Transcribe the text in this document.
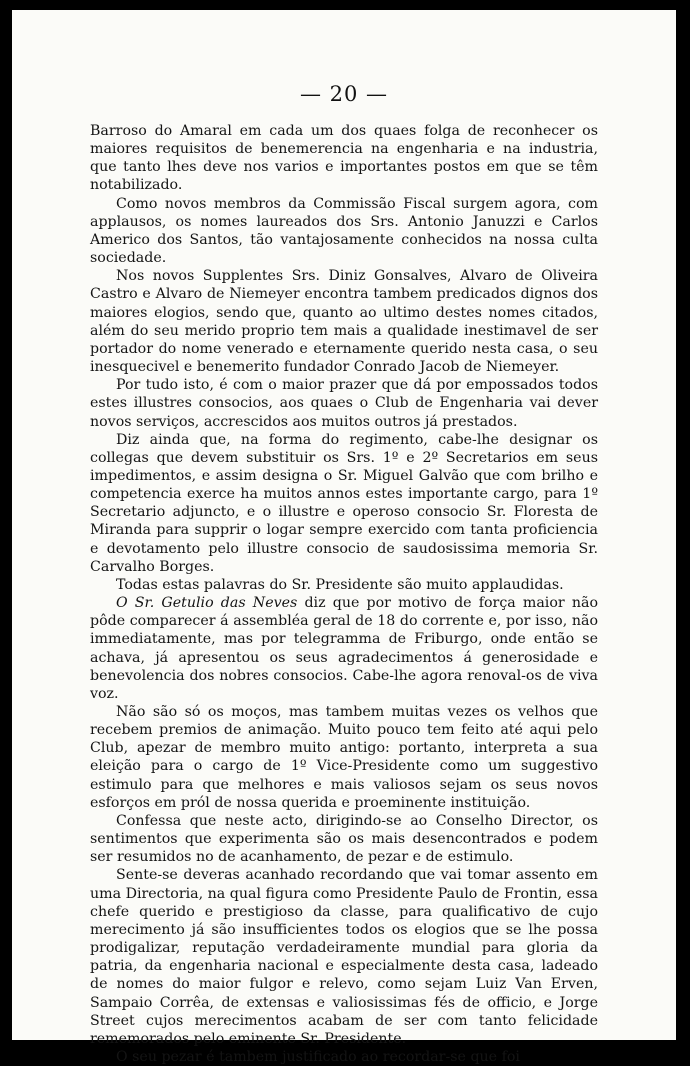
— 20 —

Barroso do Amaral em cada um dos quaes folga de reconhecer os maiores requisitos de benemerencia na engenharia e na industria, que tanto lhes deve nos varios e importantes postos em que se têm notabilizado.

Como novos membros da Commissão Fiscal surgem agora, com applausos, os nomes laureados dos Srs. Antonio Januzzi e Carlos Americo dos Santos, tão vantajosamente conhecidos na nossa culta sociedade.

Nos novos Supplentes Srs. Diniz Gonsalves, Alvaro de Oliveira Castro e Alvaro de Niemeyer encontra tambem predicados dignos dos maiores elogios, sendo que, quanto ao ultimo destes nomes citados, além do seu merido proprio tem mais a qualidade inestimavel de ser portador do nome venerado e eternamente querido nesta casa, o seu inesquecivel e benemerito fundador Conrado Jacob de Niemeyer.

Por tudo isto, é com o maior prazer que dá por empossados todos estes illustres consocios, aos quaes o Club de Engenharia vai dever novos serviços, accrescidos aos muitos outros já prestados.

Diz ainda que, na forma do regimento, cabe-lhe designar os collegas que devem substituir os Srs. 1º e 2º Secretarios em seus impedimentos, e assim designa o Sr. Miguel Galvão que com brilho e competencia exerce ha muitos annos estes importante cargo, para 1º Secretario adjuncto, e o illustre e operoso consocio Sr. Floresta de Miranda para supprir o logar sempre exercido com tanta proficiencia e devotamento pelo illustre consocio de saudosissima memoria Sr. Carvalho Borges.

Todas estas palavras do Sr. Presidente são muito applaudidas.

O Sr. Getulio das Neves diz que por motivo de força maior não pôde comparecer á assembléa geral de 18 do corrente e, por isso, não immediatamente, mas por telegramma de Friburgo, onde então se achava, já apresentou os seus agradecimentos á generosidade e benevolencia dos nobres consocios. Cabe-lhe agora renoval-os de viva voz.

Não são só os moços, mas tambem muitas vezes os velhos que recebem premios de animação. Muito pouco tem feito até aqui pelo Club, apezar de membro muito antigo: portanto, interpreta a sua eleição para o cargo de 1º Vice-Presidente como um suggestivo estimulo para que melhores e mais valiosos sejam os seus novos esforços em pról de nossa querida e proeminente instituição.

Confessa que neste acto, dirigindo-se ao Conselho Director, os sentimentos que experimenta são os mais desencontrados e podem ser resumidos no de acanhamento, de pezar e de estimulo.

Sente-se deveras acanhado recordando que vai tomar assento em uma Directoria, na qual figura como Presidente Paulo de Frontin, essa chefe querido e prestigioso da classe, para qualificativo de cujo merecimento já são insufficientes todos os elogios que se lhe possa prodigalizar, reputação verdadeiramente mundial para gloria da patria, da engenharia nacional e especialmente desta casa, ladeado de nomes do maior fulgor e relevo, como sejam Luiz Van Erven, Sampaio Corrêa, de extensas e valiosissimas fés de officio, e Jorge Street cujos merecimentos acabam de ser com tanto felicidade rememorados pelo eminente Sr. Presidente.

O seu pezar é tambem justificado ao recordar-se que foi
